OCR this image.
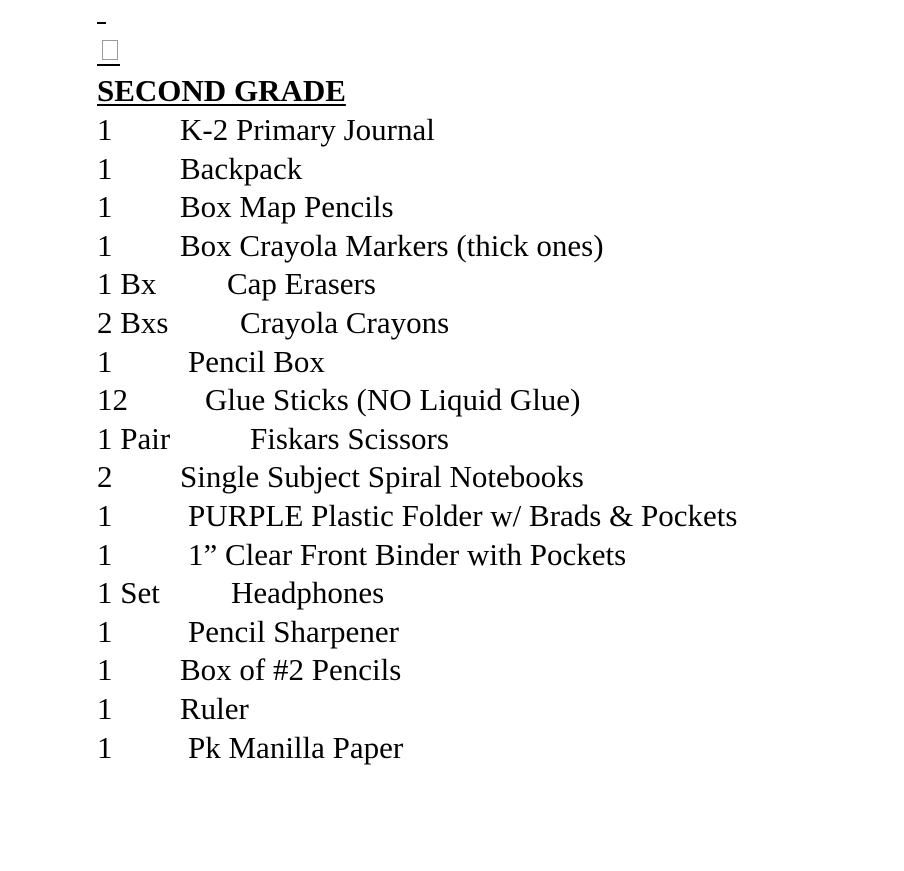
SECOND GRADE
1 K-2 Primary Journal
1 Backpack
1 Box Map Pencils
1 Box Crayola Markers (thick ones)
1 Bx Cap Erasers
2 Bxs Crayola Crayons
1 Pencil Box
12 Glue Sticks (NO Liquid Glue)
1 Pair	Fiskars Scissors
2 Single Subject Spiral Notebooks
1 PURPLE Plastic Folder w/ Brads & Pockets
1 1” Clear Front Binder with Pockets
1 Set Headphones
1 Pencil Sharpener
1 Box of #2 Pencils
1 Ruler
1 Pk Manilla Paper
